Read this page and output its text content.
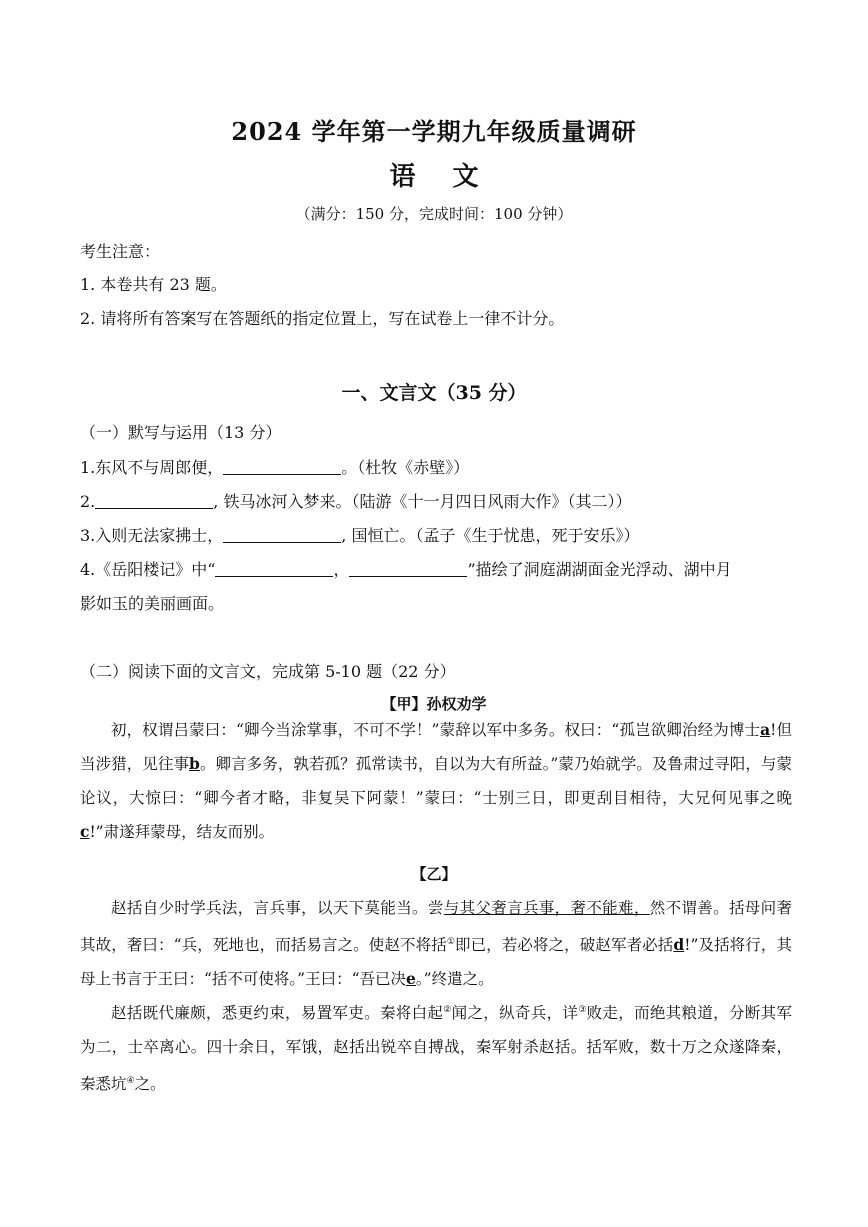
2024 学年第一学期九年级质量调研
语 文
（满分：150 分，完成时间：100 分钟）
考生注意：
1. 本卷共有 23 题。
2. 请将所有答案写在答题纸的指定位置上，写在试卷上一律不计分。
一、文言文（35 分）
（一）默写与运用（13 分）
1.东风不与周郎便，	。（杜牧《赤壁》）
2.	, 铁马冰河入梦来。（陆游《十一月四日风雨大作》（其二））
3.入则无法家拂士，	, 国恒亡。（孟子《生于忧患，死于安乐》）
4.《岳阳楼记》中“	，	”描绘了洞庭湖湖面金光浮动、湖中月
影如玉的美丽画面。
（二）阅读下面的文言文，完成第 5-10 题（22 分）
【甲】孙权劝学
初，权谓吕蒙曰：“卿今当涂掌事，不可不学！”蒙辞以军中多务。权曰：“孤岂欲卿治经为博士a!但当涉猎，见往事b。卿言多务，孰若孤？孤常读书，自以为大有所益。”蒙乃始就学。及鲁肃过寻阳，与蒙论议，大惊曰：“卿今者才略，非复吴下阿蒙！”蒙曰：“士别三日，即更刮目相待，大兄何见事之晚c!”肃遂拜蒙母，结友而别。
【乙】
赵括自少时学兵法，言兵事，以天下莫能当。尝与其父奢言兵事，奢不能难，然不谓善。括母问奢其故，奢曰：“兵，死地也，而括易言之。使赵不将括①即已，若必将之，破赵军者必括d!”及括将行，其母上书言于王曰：“括不可使将。”王曰：“吾已决e。”终遣之。
赵括既代廉颇，悉更约束，易置军吏。秦将白起②闻之，纵奇兵，详③败走，而绝其粮道，分断其军为二，士卒离心。四十余日，军饿，赵括出锐卒自搏战，秦军射杀赵括。括军败，数十万之众遂降秦，秦悉坑④之。
